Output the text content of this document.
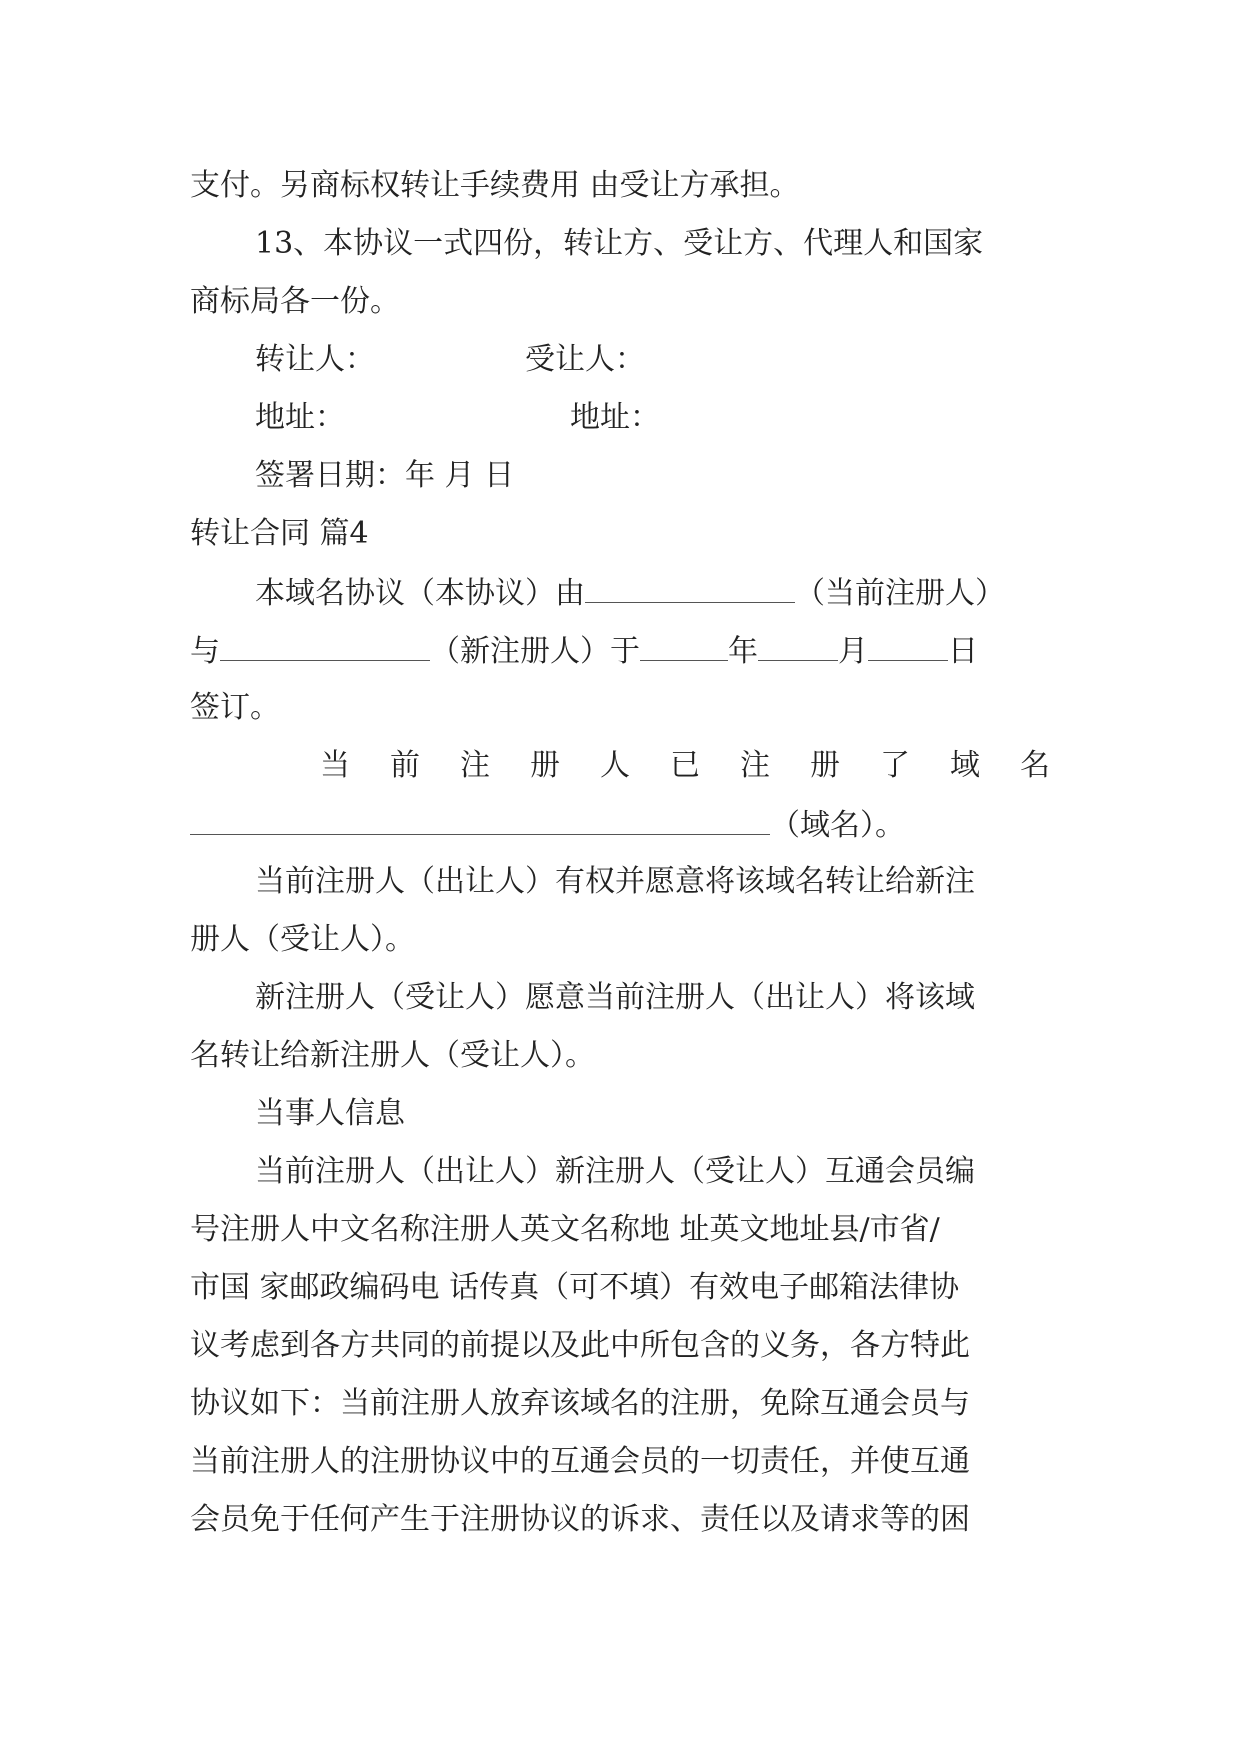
支付。另商标权转让手续费用 由受让方承担。

13、本协议一式四份，转让方、受让方、代理人和国家

商标局各一份。

转让人：	受让人：

地址：	地址：

签署日期：年 月 日

转让合同 篇4

本域名协议（本协议）由	（当前注册人）

与	（新注册人）于	年	月	日

签订。

当前注册人已注册了域名

（域名）。

当前注册人（出让人）有权并愿意将该域名转让给新注

册人（受让人）。

新注册人（受让人）愿意当前注册人（出让人）将该域

名转让给新注册人（受让人）。

当事人信息

当前注册人（出让人）新注册人（受让人）互通会员编

号注册人中文名称注册人英文名称地 址英文地址县/市省/

市国 家邮政编码电 话传真（可不填）有效电子邮箱法律协

议考虑到各方共同的前提以及此中所包含的义务，各方特此

协议如下：当前注册人放弃该域名的注册，免除互通会员与

当前注册人的注册协议中的互通会员的一切责任，并使互通

会员免于任何产生于注册协议的诉求、责任以及请求等的困
